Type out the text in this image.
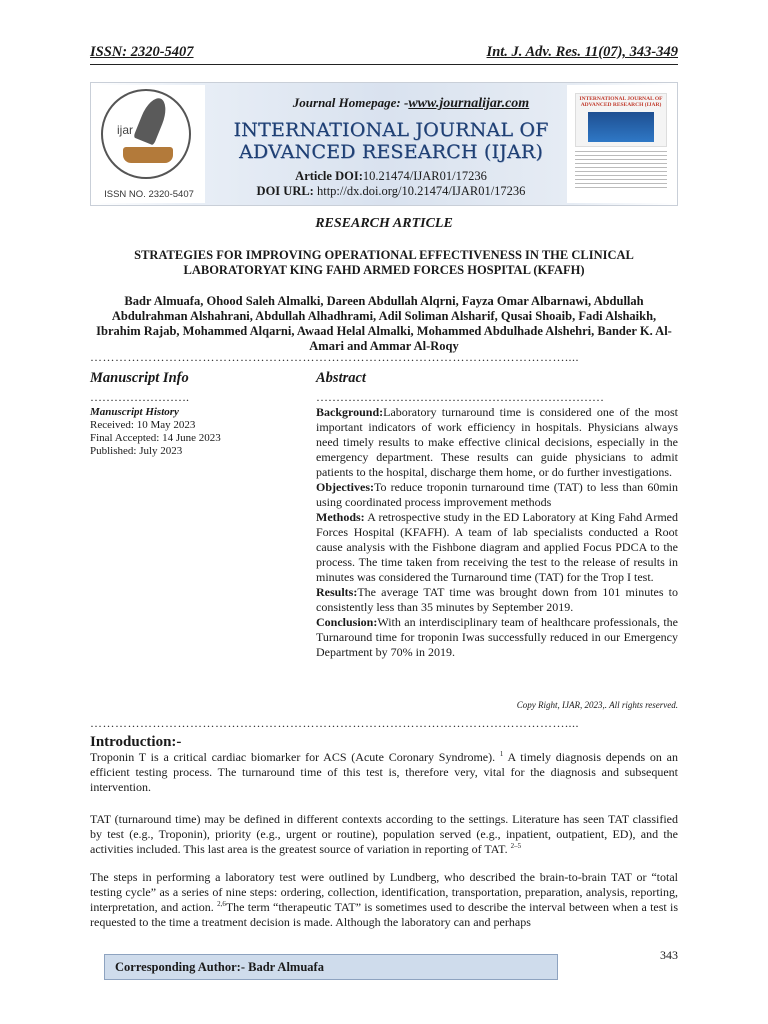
ISSN: 2320-5407	Int. J. Adv. Res. 11(07), 343-349
ijar
ISSN NO. 2320-5407
Journal Homepage: -www.journalijar.com
INTERNATIONAL JOURNAL OF
ADVANCED RESEARCH (IJAR)
Article DOI:10.21474/IJAR01/17236
DOI URL: http://dx.doi.org/10.21474/IJAR01/17236
INTERNATIONAL JOURNAL OF ADVANCED RESEARCH (IJAR)
RESEARCH ARTICLE
STRATEGIES FOR IMPROVING OPERATIONAL EFFECTIVENESS IN THE CLINICAL LABORATORYAT KING FAHD ARMED FORCES HOSPITAL (KFAFH)
Badr Almuafa, Ohood Saleh Almalki, Dareen Abdullah Alqrni, Fayza Omar Albarnawi, Abdullah Abdulrahman Alshahrani, Abdullah Alhadhrami, Adil Soliman Alsharif, Qusai Shoaib, Fadi Alshaikh, Ibrahim Rajab, Mohammed Alqarni, Awaad Helal Almalki, Mohammed Abdulhade Alshehri, Bander K. Al-Amari and Ammar Al-Roqy
……………………………………………………………………………………………………....
Manuscript Info	Abstract
…………………….	………………………………………………………………
Manuscript History
Received: 10 May 2023
Final Accepted: 14 June 2023
Published: July 2023

Background:Laboratory turnaround time is considered one of the most important indicators of work efficiency in hospitals. Physicians always need timely results to make effective clinical decisions, especially in the emergency department. These results can guide physicians to admit patients to the hospital, discharge them home, or do further investigations.

Objectives:To reduce troponin turnaround time (TAT) to less than 60min using coordinated process improvement methods

Methods: A retrospective study in the ED Laboratory at King Fahd Armed Forces Hospital (KFAFH). A team of lab specialists conducted a Root cause analysis with the Fishbone diagram and applied Focus PDCA to the process. The time taken from receiving the test to the release of results in minutes was considered the Turnaround time (TAT) for the Trop I test.

Results:The average TAT time was brought down from 101 minutes to consistently less than 35 minutes by September 2019.

Conclusion:With an interdisciplinary team of healthcare professionals, the Turnaround time for troponin Iwas successfully reduced in our Emergency Department by 70% in 2019.

Copy Right, IJAR, 2023,. All rights reserved.
……………………………………………………………………………………………………....
Introduction:-
Troponin T is a critical cardiac biomarker for ACS (Acute Coronary Syndrome). $^1$ A timely diagnosis depends on an efficient testing process. The turnaround time of this test is, therefore very, vital for the diagnosis and subsequent intervention.
TAT (turnaround time) may be defined in different contexts according to the settings. Literature has seen TAT classified by test (e.g., Troponin), priority (e.g., urgent or routine), population served (e.g., inpatient, outpatient, ED), and the activities included. This last area is the greatest source of variation in reporting of TAT. $^{2-5}$
The steps in performing a laboratory test were outlined by Lundberg, who described the brain-to-brain TAT or “total testing cycle” as a series of nine steps: ordering, collection, identification, transportation, preparation, analysis, reporting, interpretation, and action. $^{2,6}$The term “therapeutic TAT” is sometimes used to describe the interval between when a test is requested to the time a treatment decision is made. Although the laboratory can and perhaps
343
Corresponding Author:- Badr Almuafa
